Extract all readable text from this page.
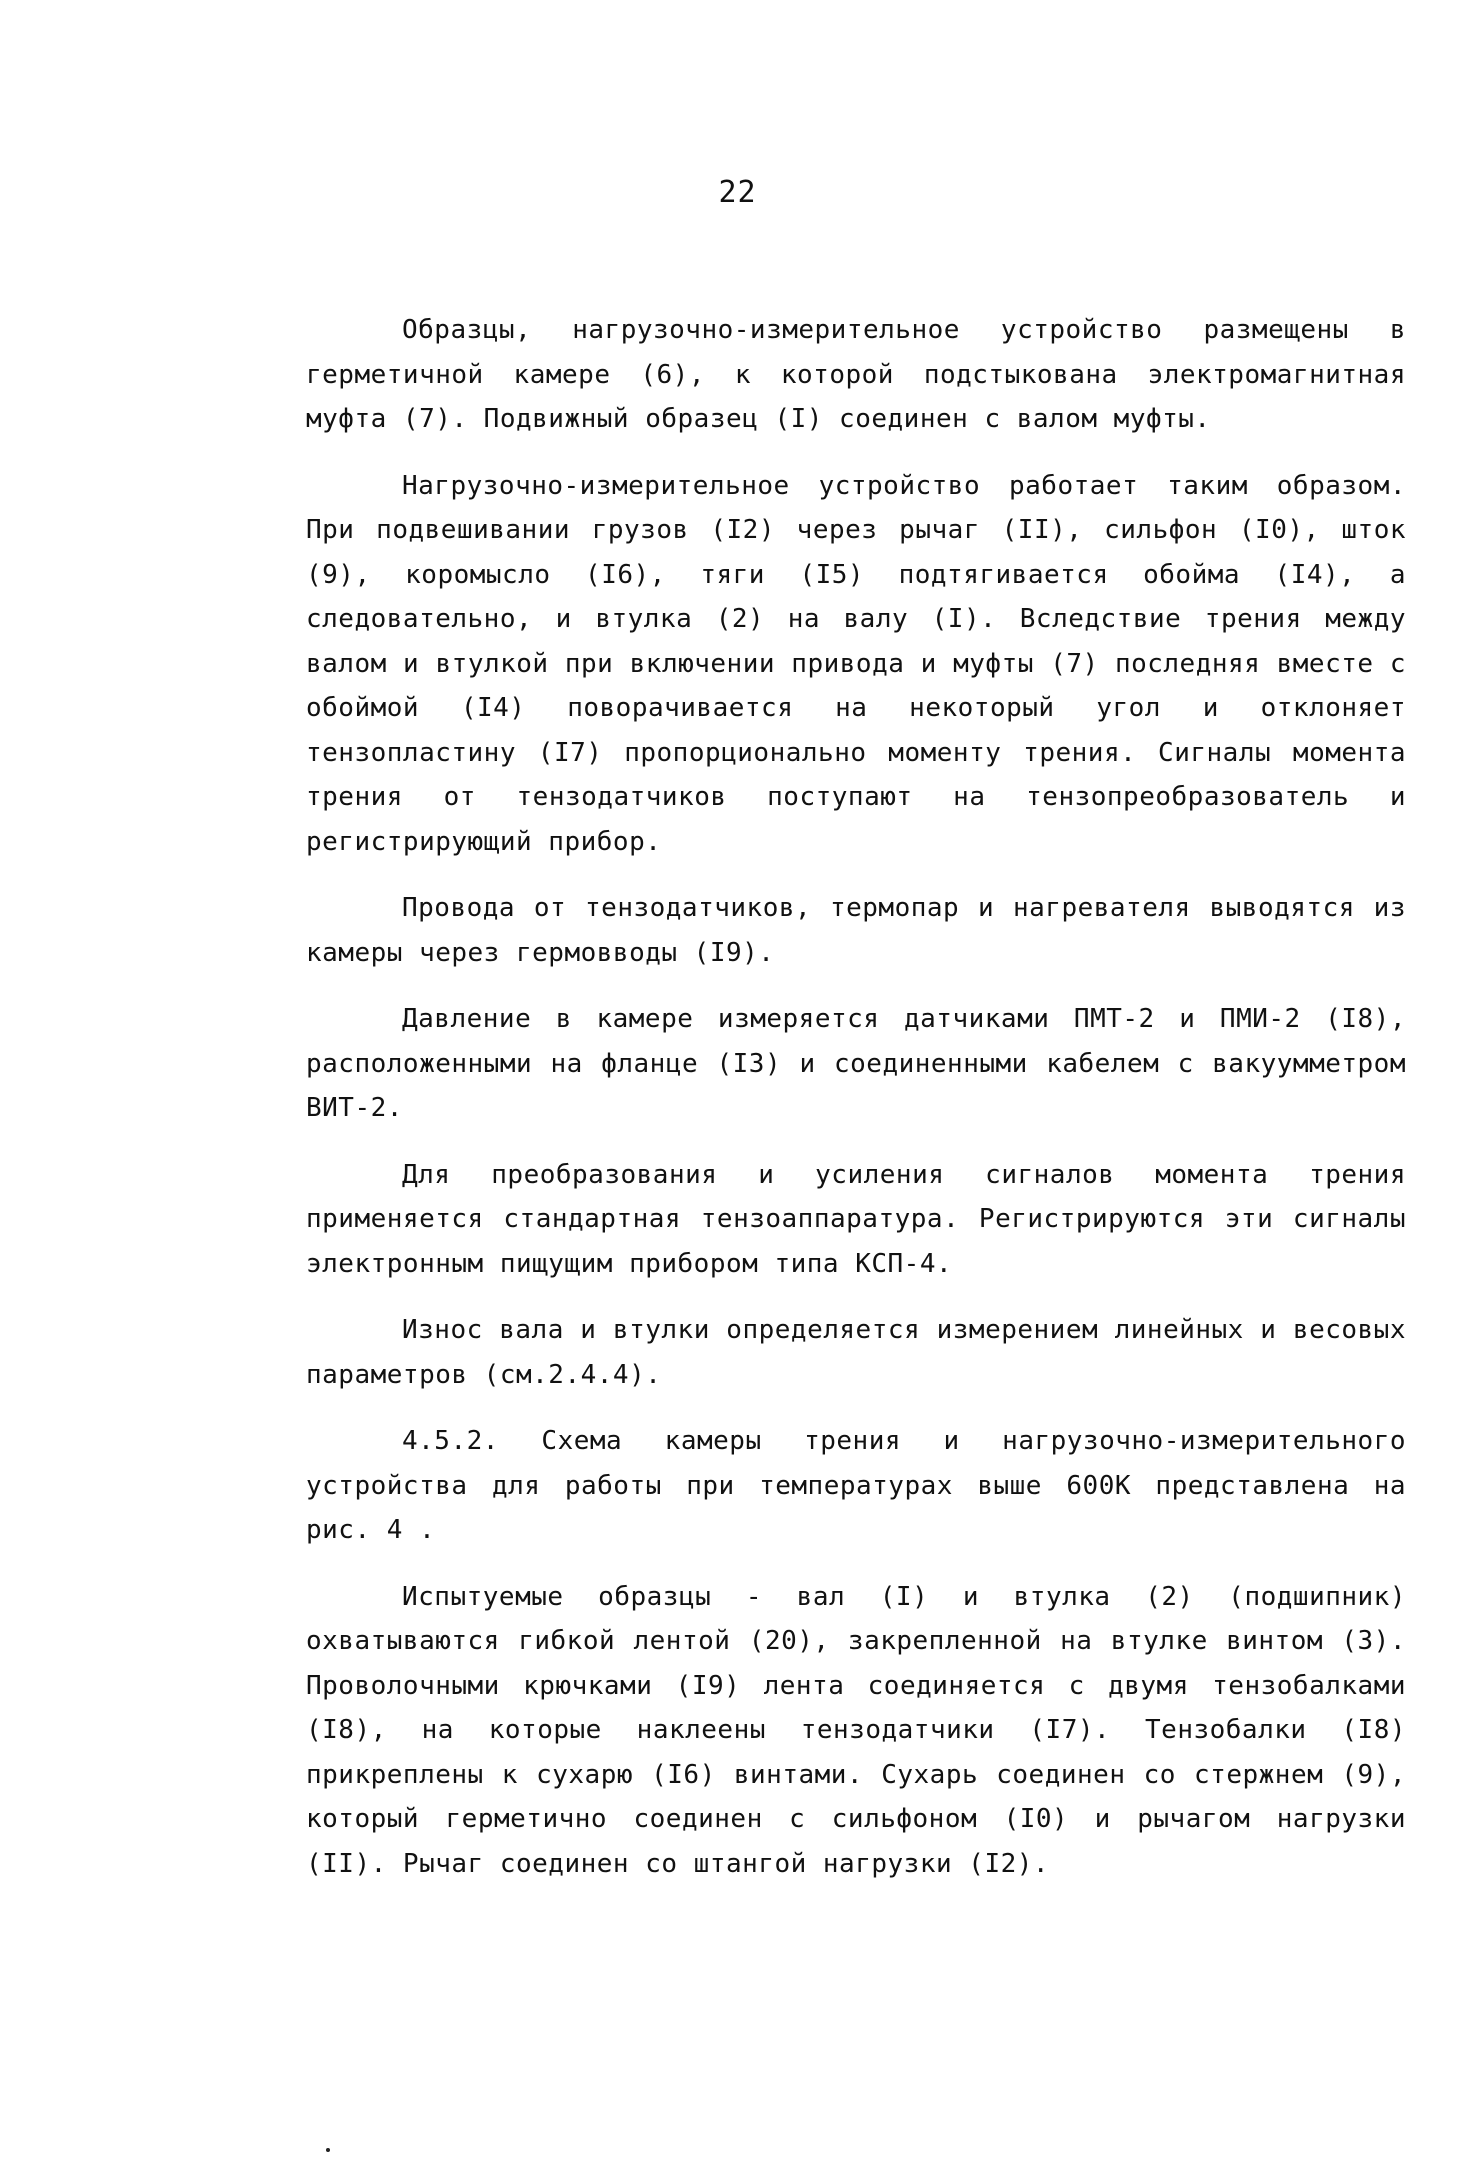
22

Образцы, нагрузочно-измерительное устройство размещены в герметичной камере (6), к которой подстыкована электромагнитная муфта (7). Подвижный образец (I) соединен с валом муфты.

Нагрузочно-измерительное устройство работает таким образом. При подвешивании грузов (I2) через рычаг (II), сильфон (I0), шток (9), коромысло (I6), тяги (I5) подтягивается обойма (I4), а следовательно, и втулка (2) на валу (I). Вследствие трения между валом и втулкой при включении привода и муфты (7) последняя вместе с обоймой (I4) поворачивается на некоторый угол и отклоняет тензопластину (I7) пропорционально моменту трения. Сигналы момента трения от тензодатчиков поступают на тензопреобразователь и регистрирующий прибор.

Провода от тензодатчиков, термопар и нагревателя выводятся из камеры через гермовводы (I9).

Давление в камере измеряется датчиками ПМТ-2 и ПМИ-2 (I8), расположенными на фланце (I3) и соединенными кабелем с вакуумметром ВИТ-2.

Для преобразования и усиления сигналов момента трения применяется стандартная тензоаппаратура. Регистрируются эти сигналы электронным пищущим прибором типа КСП-4.

Износ вала и втулки определяется измерением линейных и весовых параметров (см.2.4.4).

4.5.2. Схема камеры трения и нагрузочно-измерительного устройства для работы при температурах выше 600К представлена на рис. 4 .

Испытуемые образцы - вал (I) и втулка (2) (подшипник) охватываются гибкой лентой (20), закрепленной на втулке винтом (3). Проволочными крючками (I9) лента соединяется с двумя тензобалками (I8), на которые наклеены тензодатчики (I7). Тензобалки (I8) прикреплены к сухарю (I6) винтами. Сухарь соединен со стержнем (9), который герметично соединен с сильфоном (I0) и рычагом нагрузки (II). Рычаг соединен со штангой нагрузки (I2).
